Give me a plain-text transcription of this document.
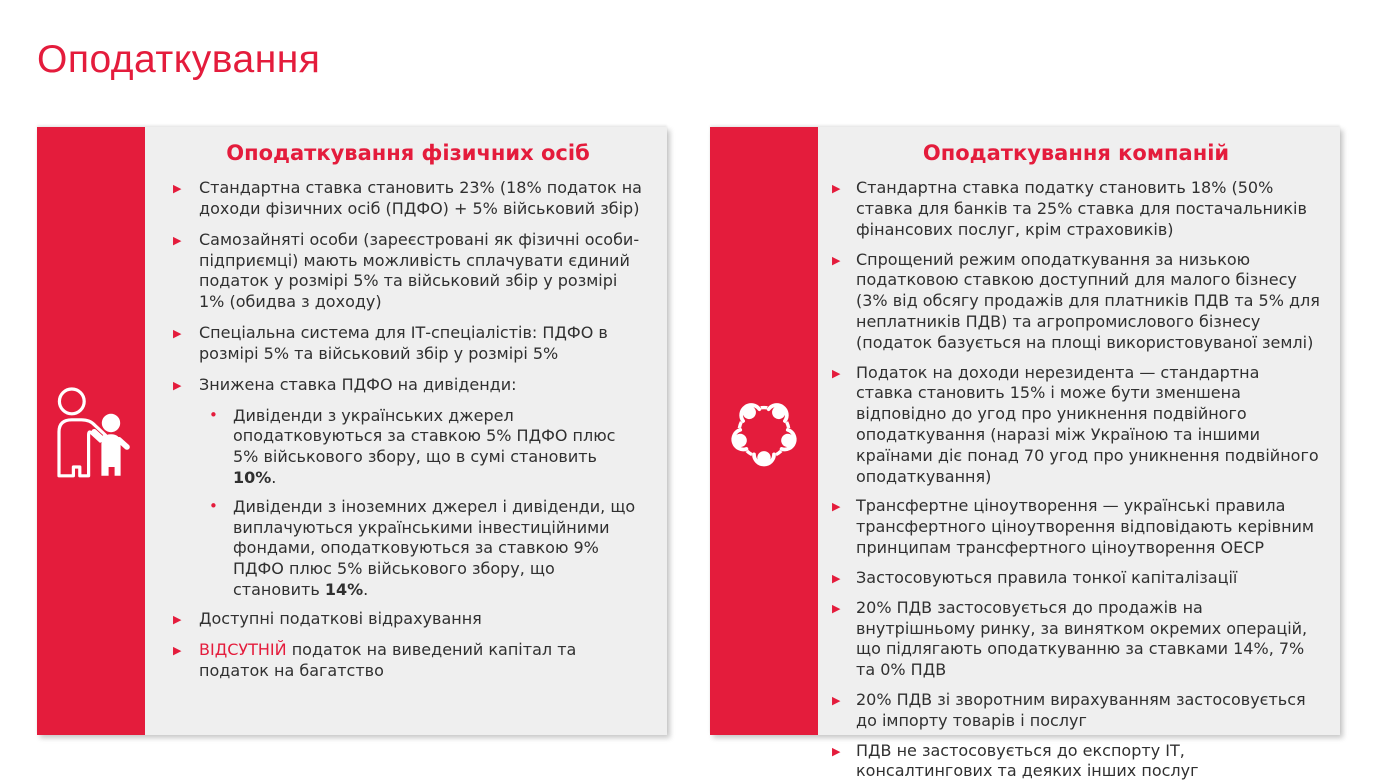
Оподаткування
Оподаткування фізичних осіб
▶	Стандартна ставка становить 23% (18% податок на доходи фізичних осіб (ПДФО) + 5% військовий збір)
▶	Самозайняті особи (зареєстровані як фізичні особи-підприємці) мають можливість сплачувати єдиний податок у розмірі 5% та військовий збір у розмірі 1% (обидва з доходу)
▶	Спеціальна система для ІТ-спеціалістів: ПДФО в розмірі 5% та військовий збір у розмірі 5%
▶	Знижена ставка ПДФО на дивіденди:
• Дивіденди з українських джерел оподатковуються за ставкою 5% ПДФО плюс 5% військового збору, що в сумі становить 10%.
• Дивіденди з іноземних джерел і дивіденди, що виплачуються українськими інвестиційними фондами, оподатковуються за ставкою 9% ПДФО плюс 5% військового збору, що становить 14%.
▶	Доступні податкові відрахування
▶	ВІДСУТНІЙ податок на виведений капітал та податок на багатство
Оподаткування компаній
▶ Стандартна ставка податку становить 18% (50% ставка для банків та 25% ставка для постачальників фінансових послуг, крім страховиків)
▶ Спрощений режим оподаткування за низькою податковою ставкою доступний для малого бізнесу (3% від обсягу продажів для платників ПДВ та 5% для неплатників ПДВ) та агропромислового бізнесу (податок базується на площі використовуваної землі)
▶ Податок на доходи нерезидента — стандартна ставка становить 15% і може бути зменшена відповідно до угод про уникнення подвійного оподаткування (наразі між Україною та іншими країнами діє понад 70 угод про уникнення подвійного оподаткування)
▶ Трансфертне ціноутворення — українські правила трансфертного ціноутворення відповідають керівним принципам трансфертного ціноутворення ОЕСР
▶ Застосовуються правила тонкої капіталізації
▶ 20% ПДВ застосовується до продажів на внутрішньому ринку, за винятком окремих операцій, що підлягають оподаткуванню за ставками 14%, 7% та 0% ПДВ
▶ 20% ПДВ зі зворотним вирахуванням застосовується до імпорту товарів і послуг
▶ ПДВ не застосовується до експорту ІТ, консалтингових та деяких інших послуг
